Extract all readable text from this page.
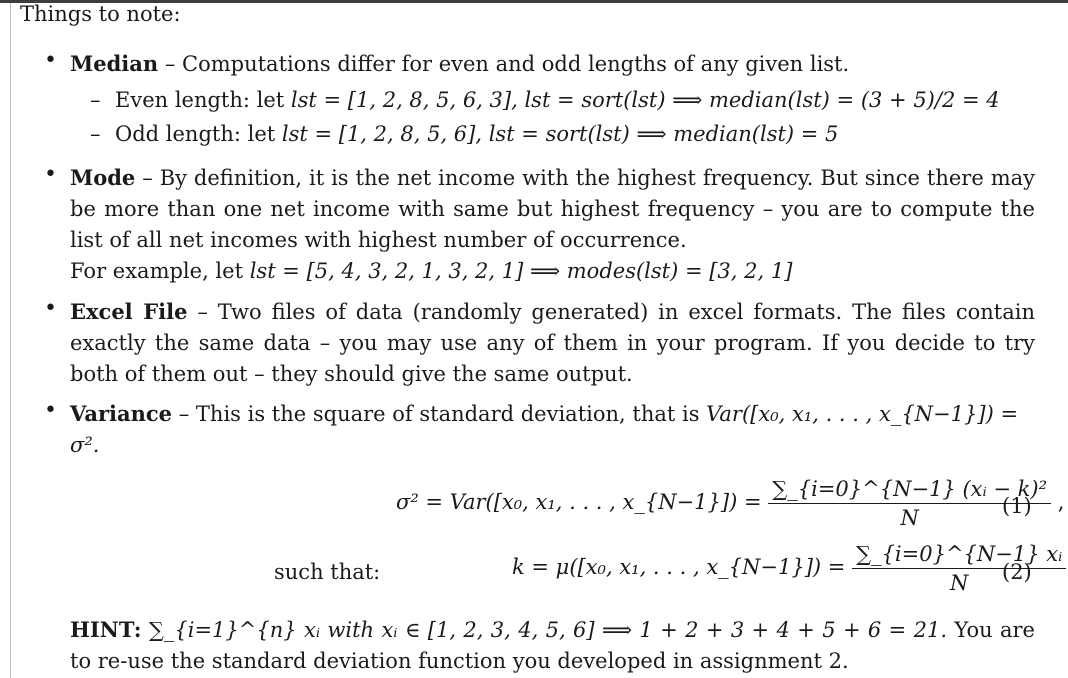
Things to note:
• Median – Computations differ for even and odd lengths of any given list.
– Even length: let lst = [1, 2, 8, 5, 6, 3], lst = sort(lst) ⟹ median(lst) = (3 + 5)/2 = 4
– Odd length: let lst = [1, 2, 8, 5, 6], lst = sort(lst) ⟹ median(lst) = 5
• Mode – By definition, it is the net income with the highest frequency. But since there may be more than one net income with same but highest frequency – you are to compute the list of all net incomes with highest number of occurrence.
For example, let lst = [5, 4, 3, 2, 1, 3, 2, 1] ⟹ modes(lst) = [3, 2, 1]
• Excel File – Two files of data (randomly generated) in excel formats. The files contain exactly the same data – you may use any of them in your program. If you decide to try both of them out – they should give the same output.
• Variance – This is the square of standard deviation, that is Var([x₀, x₁, . . . , x_{N−1}]) = σ².
σ² = Var([x₀, x₁, . . . , x_{N−1}]) = $\frac{\text{∑\_\{i=0\}\textasciicircum{}\{N−1\} (xᵢ − k)²}}{N}$ ,
(1)
such that:	k = μ([x₀, x₁, . . . , x_{N−1}]) = $\frac{\text{∑\_\{i=0\}\textasciicircum{}\{N−1\} xᵢ}}{N}$
(2)
HINT: ∑_{i=1}^{n} xᵢ with xᵢ ∈ [1, 2, 3, 4, 5, 6] ⟹ 1 + 2 + 3 + 4 + 5 + 6 = 21. You are to re-use the standard deviation function you developed in assignment 2.
